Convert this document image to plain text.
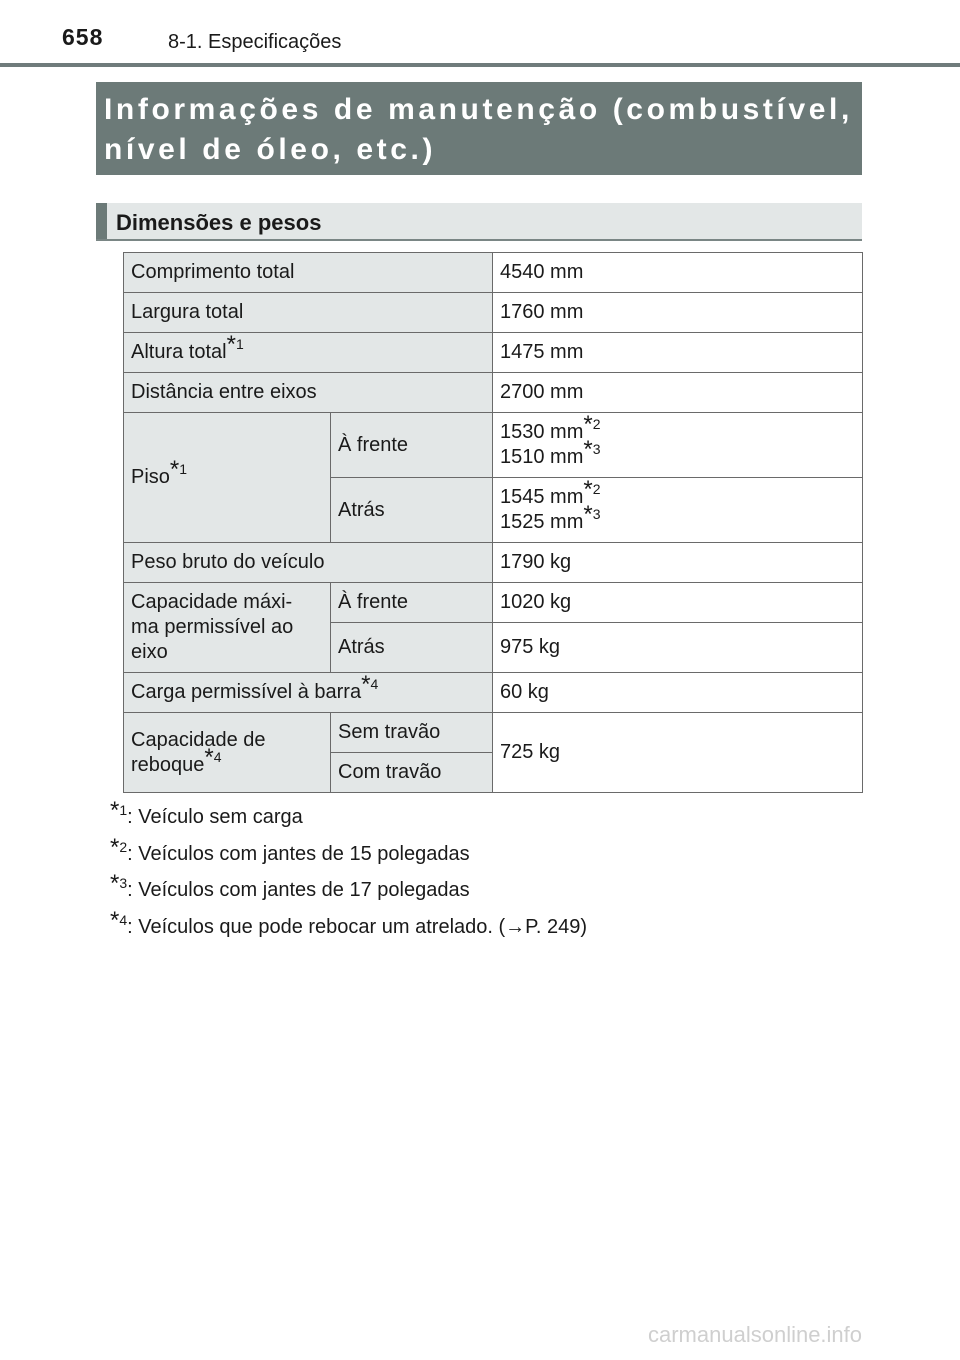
658	8-1. Especificações
Informações de manutenção (combustível,
nível de óleo, etc.)
Dimensões e pesos
Comprimento total		4540 mm
Largura total		1760 mm
Altura total$^{*1}$		1475 mm
Distância entre eixos		2700 mm
Piso$^{*1}$	À frente	1530 $mm^{*2}$
1510 $mm^{*3}$

	Atrás	1545 $mm^{*2}$
1525 $mm^{*3}$

Peso bruto do veículo		1790 kg

Capacidade máxi-
ma permissível ao
eixo	À frente	1020 kg
	Atrás	975 kg
Carga permissível à barra$^{*4}$		60 kg

Capacidade de
reboque$^{*4}$	Sem travão	725 kg
	Com travão	
$^{*1}$: Veículo sem carga
$^{*2}$: Veículos com jantes de 15 polegadas
$^{*3}$: Veículos com jantes de 17 polegadas
$^{*4}$: Veículos que pode rebocar um atrelado. (→P. 249)
carmanualsonline.info
